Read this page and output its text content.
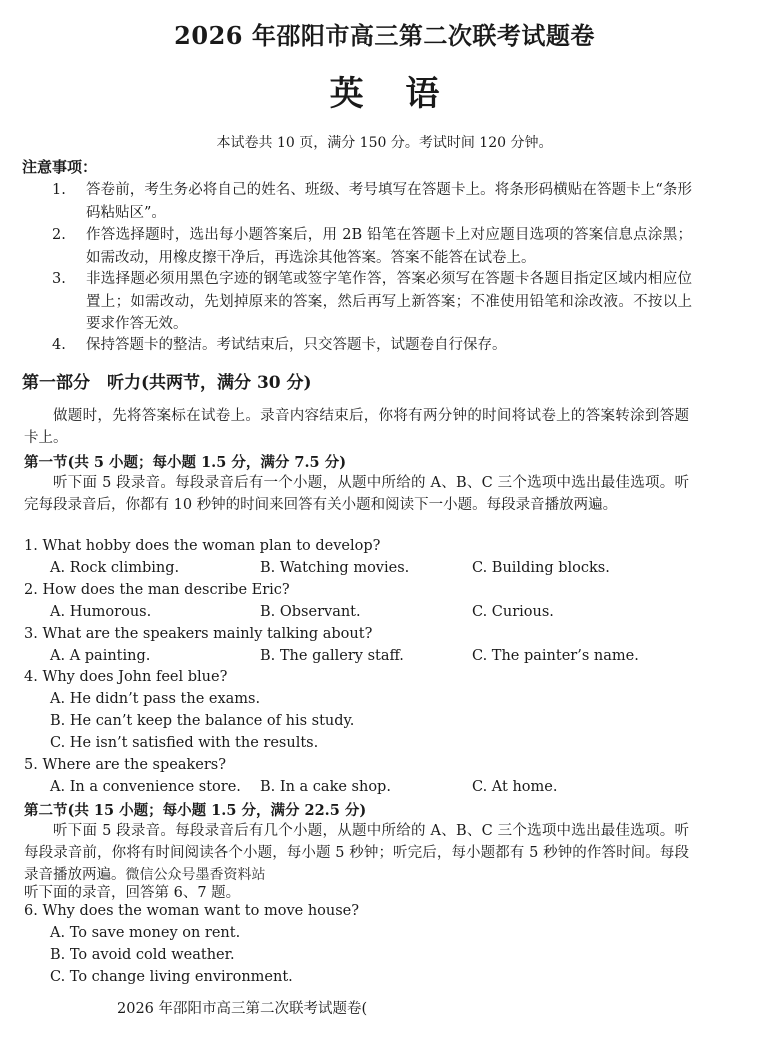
2026 年邵阳市高三第二次联考试题卷
英 语
本试卷共 10 页，满分 150 分。考试时间 120 分钟。
注意事项：
1.	答卷前，考生务必将自己的姓名、班级、考号填写在答题卡上。将条形码横贴在答题卡上“条形码粘贴区”。
2.	作答选择题时，选出每小题答案后，用 2B 铅笔在答题卡上对应题目选项的答案信息点涂黑；如需改动，用橡皮擦干净后，再选涂其他答案。答案不能答在试卷上。
3.	非选择题必须用黑色字迹的钢笔或签字笔作答，答案必须写在答题卡各题目指定区域内相应位置上；如需改动，先划掉原来的答案，然后再写上新答案；不准使用铅笔和涂改液。不按以上要求作答无效。
4.	保持答题卡的整洁。考试结束后，只交答题卡，试题卷自行保存。
第一部分　听力(共两节，满分 30 分)
做题时，先将答案标在试卷上。录音内容结束后，你将有两分钟的时间将试卷上的答案转涂到答题卡上。
第一节(共 5 小题；每小题 1.5 分，满分 7.5 分)
听下面 5 段录音。每段录音后有一个小题，从题中所给的 A、B、C 三个选项中选出最佳选项。听完每段录音后，你都有 10 秒钟的时间来回答有关小题和阅读下一小题。每段录音播放两遍。
1. What hobby does the woman plan to develop?
A. Rock climbing.	B. Watching movies.	C. Building blocks.
2. How does the man describe Eric?
A. Humorous.	B. Observant.	C. Curious.
3. What are the speakers mainly talking about?
A. A painting.	B. The gallery staff.	C. The painter’s name.
4. Why does John feel blue?
A. He didn’t pass the exams.
B. He can’t keep the balance of his study.
C. He isn’t satisfied with the results.
5. Where are the speakers?
A. In a convenience store. B. In a cake shop.	C. At home.
第二节(共 15 小题；每小题 1.5 分，满分 22.5 分)
听下面 5 段录音。每段录音后有几个小题，从题中所给的 A、B、C 三个选项中选出最佳选项。听每段录音前，你将有时间阅读各个小题，每小题 5 秒钟；听完后，每小题都有 5 秒钟的作答时间。每段录音播放两遍。微信公众号墨香资料站
听下面的录音，回答第 6、7 题。
6. Why does the woman want to move house?
A. To save money on rent.
B. To avoid cold weather.
C. To change living environment.
2026 年邵阳市高三第二次联考试题卷(
